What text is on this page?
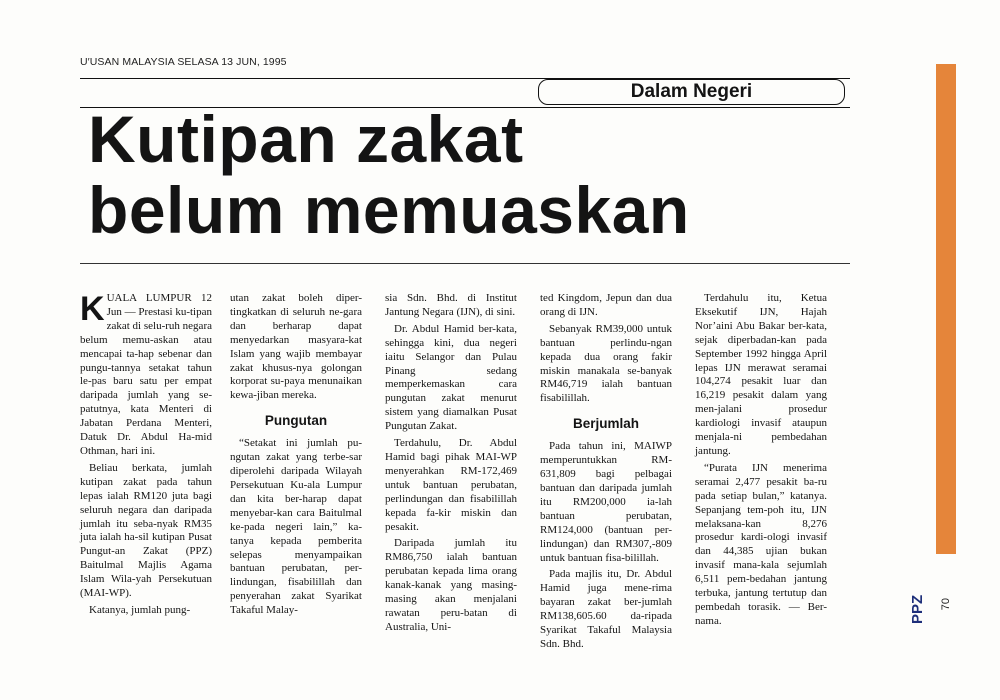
U′USAN MALAYSIA SELASA 13 JUN, 1995
Dalam Negeri
Kutipan zakat
belum memuaskan

KUALA LUMPUR 12 Jun — Prestasi ku-tipan zakat di selu-ruh negara belum memu-askan atau mencapai ta-hap sebenar dan pungu-tannya setakat tahun le-pas baru satu per empat daripada jumlah yang se-patutnya, kata Menteri di Jabatan Perdana Menteri, Datuk Dr. Abdul Ha-mid Othman, hari ini.

Beliau berkata, jumlah kutipan zakat pada tahun lepas ialah RM120 juta bagi seluruh negara dan daripada jumlah itu seba-nyak RM35 juta ialah ha-sil kutipan Pusat Pungut-an Zakat (PPZ) Baitulmal Majlis Agama Islam Wila-yah Persekutuan (MAI-WP).

Katanya, jumlah pung-

utan zakat boleh diper-tingkatkan di seluruh ne-gara dan berharap dapat menyedarkan masyara-kat Islam yang wajib membayar zakat khusus-nya golongan korporat su-paya menunaikan kewa-jiban mereka.

Pungutan

“Setakat ini jumlah pu-ngutan zakat yang terbe-sar diperolehi daripada Wilayah Persekutuan Ku-ala Lumpur dan kita ber-harap dapat menyebar-kan cara Baitulmal ke-pada negeri lain,” ka-tanya kepada pemberita selepas menyampaikan bantuan perubatan, per-lindungan, fisabilillah dan penyerahan zakat Syarikat Takaful Malay-

sia Sdn. Bhd. di Institut Jantung Negara (IJN), di sini.

Dr. Abdul Hamid ber-kata, sehingga kini, dua negeri iaitu Selangor dan Pulau Pinang sedang memperkemaskan cara pungutan zakat menurut sistem yang diamalkan Pusat Pungutan Zakat.

Terdahulu, Dr. Abdul Hamid bagi pihak MAI-WP menyerahkan RM-172,469 untuk bantuan perubatan, perlindungan dan fisabilillah kepada fa-kir miskin dan pesakit.

Daripada jumlah itu RM86,750 ialah bantuan perubatan kepada lima orang kanak-kanak yang masing-masing akan menjalani rawatan peru-batan di Australia, Uni-

ted Kingdom, Jepun dan dua orang di IJN.

Sebanyak RM39,000 untuk bantuan perlindu-ngan kepada dua orang fakir miskin manakala se-banyak RM46,719 ialah bantuan fisabilillah.

Berjumlah

Pada tahun ini, MAIWP memperuntukkan RM-631,809 bagi pelbagai bantuan dan daripada jumlah itu RM200,000 ia-lah bantuan perubatan, RM124,000 (bantuan per-lindungan) dan RM307,-809 untuk bantuan fisa-bilillah.

Pada majlis itu, Dr. Abdul Hamid juga mene-rima bayaran zakat ber-jumlah RM138,605.60 da-ripada Syarikat Takaful Malaysia Sdn. Bhd.

Terdahulu itu, Ketua Eksekutif IJN, Hajah Nor’aini Abu Bakar ber-kata, sejak diperbadan-kan pada September 1992 hingga April lepas IJN merawat seramai 104,274 pesakit luar dan 16,219 pesakit dalam yang men-jalani prosedur kardiologi invasif ataupun menjala-ni pembedahan jantung.

“Purata IJN menerima seramai 2,477 pesakit ba-ru pada setiap bulan,” katanya. Sepanjang tem-poh itu, IJN melaksana-kan 8,276 prosedur kardi-ologi invasif dan 44,385 ujian bukan invasif mana-kala sejumlah 6,511 pem-bedahan jantung terbuka, jantung tertutup dan pembedah torasik. — Ber-nama.	PPZ 70
